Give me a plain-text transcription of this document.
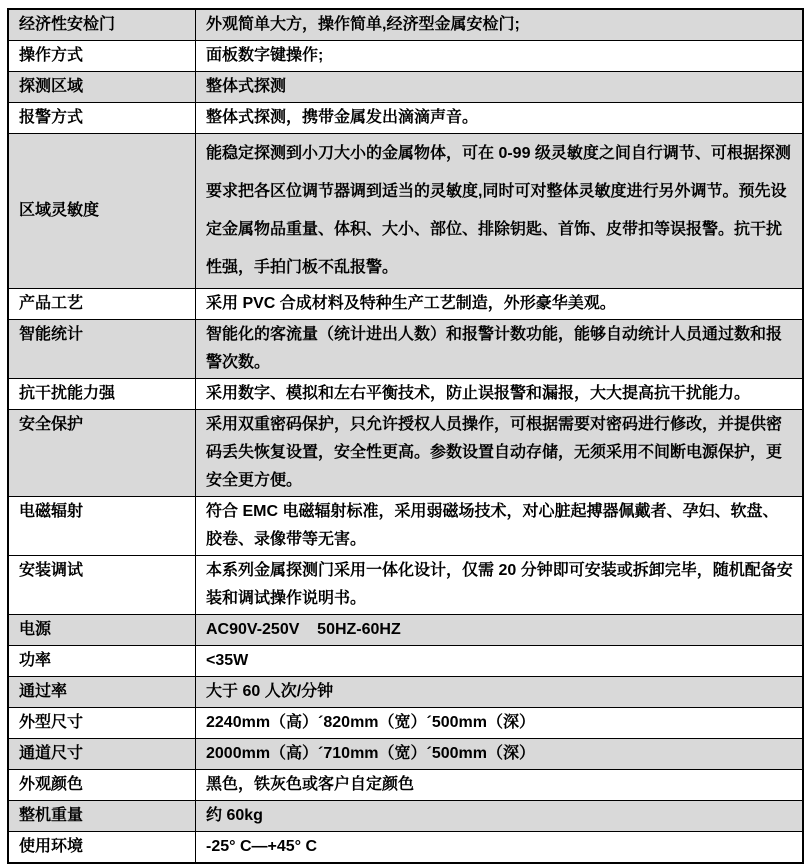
经济性安检门	外观简单大方，操作简单,经济型金属安检门;
操作方式	面板数字键操作;
探测区域	整体式探测
报警方式	整体式探测，携带金属发出滴滴声音。
区域灵敏度	能稳定探测到小刀大小的金属物体，可在 0-99 级灵敏度之间自行调节、可根据探测要求把各区位调节器调到适当的灵敏度,同时可对整体灵敏度进行另外调节。预先设定金属物品重量、体积、大小、部位、排除钥匙、首饰、皮带扣等误报警。抗干扰性强，手拍门板不乱报警。
产品工艺	采用 PVC 合成材料及特种生产工艺制造，外形豪华美观。
智能统计	智能化的客流量（统计进出人数）和报警计数功能，能够自动统计人员通过数和报警次数。
抗干扰能力强	采用数字、模拟和左右平衡技术，防止误报警和漏报，大大提高抗干扰能力。
安全保护	采用双重密码保护，只允许授权人员操作，可根据需要对密码进行修改，并提供密码丢失恢复设置，安全性更高。参数设置自动存储，无须采用不间断电源保护，更安全更方便。
电磁辐射	符合 EMC 电磁辐射标准，采用弱磁场技术，对心脏起搏器佩戴者、孕妇、软盘、胶卷、录像带等无害。
安装调试	本系列金属探测门采用一体化设计，仅需 20 分钟即可安装或拆卸完毕，随机配备安装和调试操作说明书。
电源	AC90V-250V    50HZ-60HZ
功率	<35W
通过率	大于 60 人次/分钟
外型尺寸	2240mm（高）´820mm（宽）´500mm（深）
通道尺寸	2000mm（高）´710mm（宽）´500mm（深）
外观颜色	黑色，铁灰色或客户自定颜色
整机重量	约 60kg
使用环境	-25° C—+45° C
